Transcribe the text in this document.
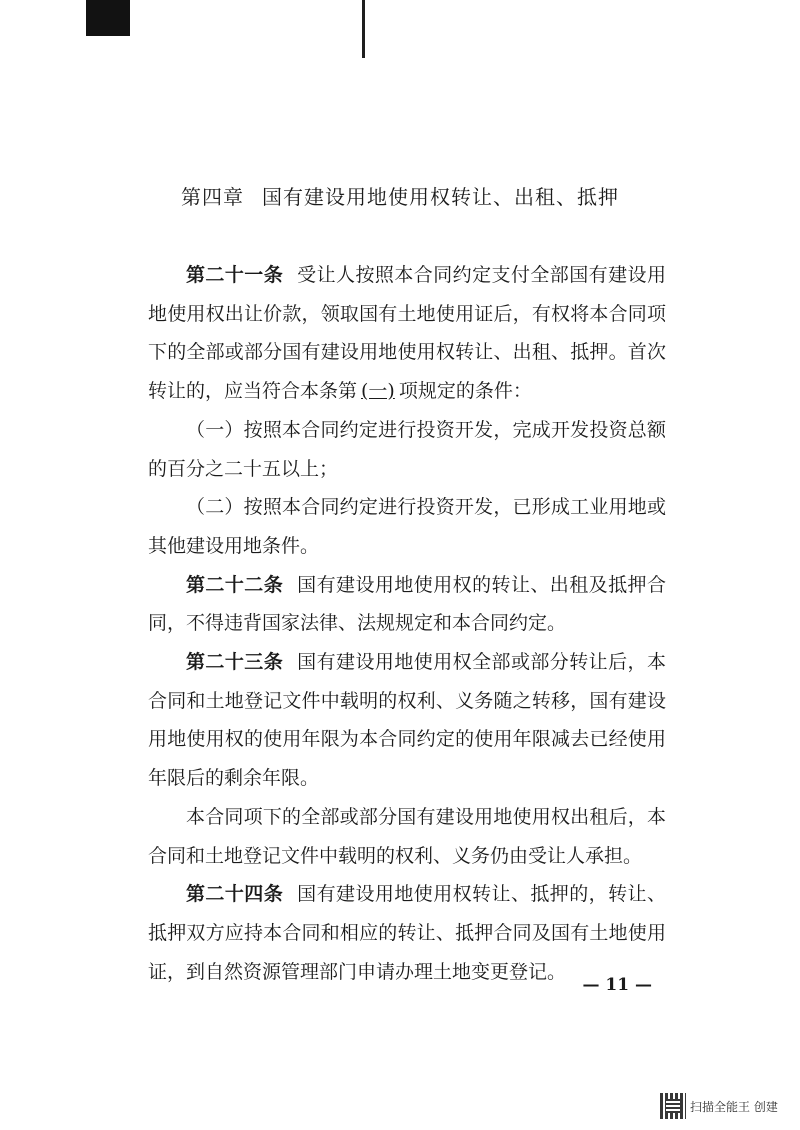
第四章 国有建设用地使用权转让、出租、抵押

第二十一条 受让人按照本合同约定支付全部国有建设用地使用权出让价款，领取国有土地使用证后，有权将本合同项下的全部或部分国有建设用地使用权转让、出租、抵押。首次转让的，应当符合本条第 (一) 项规定的条件：

（一）按照本合同约定进行投资开发，完成开发投资总额的百分之二十五以上；

（二）按照本合同约定进行投资开发，已形成工业用地或其他建设用地条件。

第二十二条 国有建设用地使用权的转让、出租及抵押合同，不得违背国家法律、法规规定和本合同约定。

第二十三条 国有建设用地使用权全部或部分转让后，本合同和土地登记文件中载明的权利、义务随之转移，国有建设用地使用权的使用年限为本合同约定的使用年限减去已经使用年限后的剩余年限。

本合同项下的全部或部分国有建设用地使用权出租后，本合同和土地登记文件中载明的权利、义务仍由受让人承担。

第二十四条 国有建设用地使用权转让、抵押的，转让、抵押双方应持本合同和相应的转让、抵押合同及国有土地使用证，到自然资源管理部门申请办理土地变更登记。

— 11 —
扫描全能王 创建
